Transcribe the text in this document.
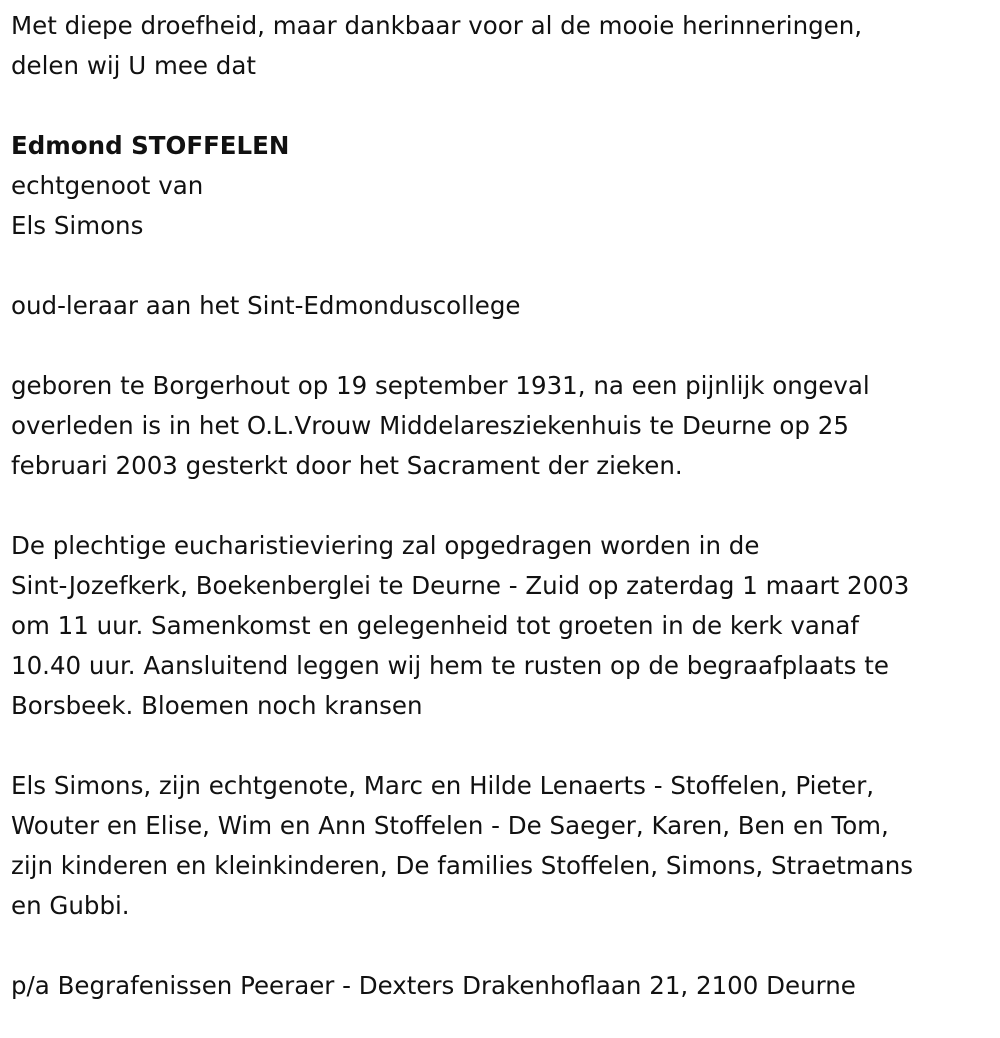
Met diepe droefheid, maar dankbaar voor al de mooie herinneringen,

delen wij U mee dat

Edmond STOFFELEN

echtgenoot van

Els Simons

oud-leraar aan het Sint-Edmonduscollege

geboren te Borgerhout op 19 september 1931, na een pijnlijk ongeval

overleden is in het O.L.Vrouw Middelaresziekenhuis te Deurne op 25

februari 2003 gesterkt door het Sacrament der zieken.

De plechtige eucharistieviering zal opgedragen worden in de

Sint-Jozefkerk, Boekenberglei te Deurne - Zuid op zaterdag 1 maart 2003

om 11 uur. Samenkomst en gelegenheid tot groeten in de kerk vanaf

10.40 uur. Aansluitend leggen wij hem te rusten op de begraafplaats te

Borsbeek. Bloemen noch kransen

Els Simons, zijn echtgenote, Marc en Hilde Lenaerts - Stoffelen, Pieter,

Wouter en Elise, Wim en Ann Stoffelen - De Saeger, Karen, Ben en Tom,

zijn kinderen en kleinkinderen, De families Stoffelen, Simons, Straetmans

en Gubbi.

p/a Begrafenissen Peeraer - Dexters Drakenhoflaan 21, 2100 Deurne
